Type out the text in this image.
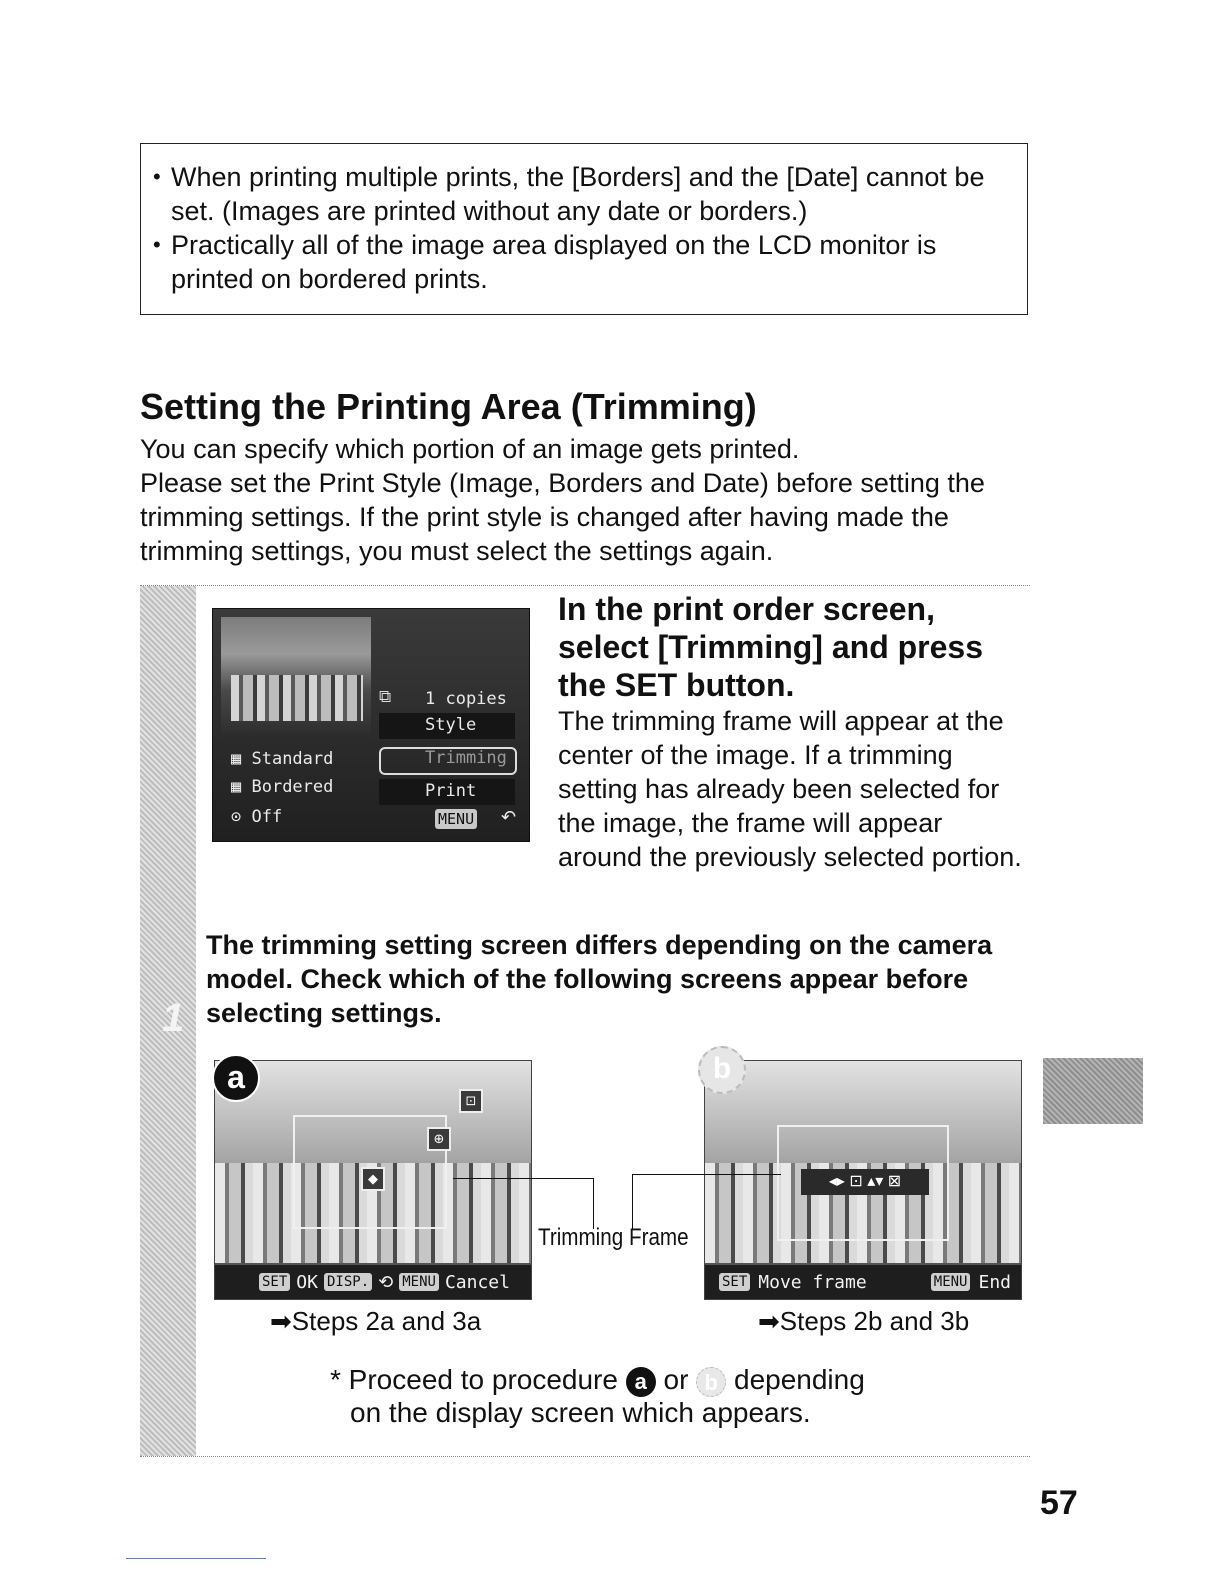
• When printing multiple prints, the [Borders] and the [Date] cannot be set. (Images are printed without any date or borders.)
• Practically all of the image area displayed on the LCD monitor is printed on bordered prints.
Setting the Printing Area (Trimming)
You can specify which portion of an image gets printed.
Please set the Print Style (Image, Borders and Date) before setting the trimming settings. If the print style is changed after having made the trimming settings, you must select the settings again.
1
⧉ 1 copies
Style
Trimming
Print
▦ Standard
▦ Bordered
⊙ Off	MENU ↶
In the print order screen, select [Trimming] and press the SET button.
The trimming frame will appear at the center of the image. If a trimming setting has already been selected for the image, the frame will appear around the previously selected portion.
The trimming setting screen differs depending on the camera model. Check which of the following screens appear before selecting settings.
⊡
⊕
◆
SET OK DISP. ⟲ MENU Cancel
a
◂▸ ⊡ ▴▾ ⊠
SET Move frame	MENU End
b
Trimming Frame
➡Steps 2a and 3a	➡Steps 2b and 3b
* Proceed to procedure a or b depending
on the display screen which appears.
57
